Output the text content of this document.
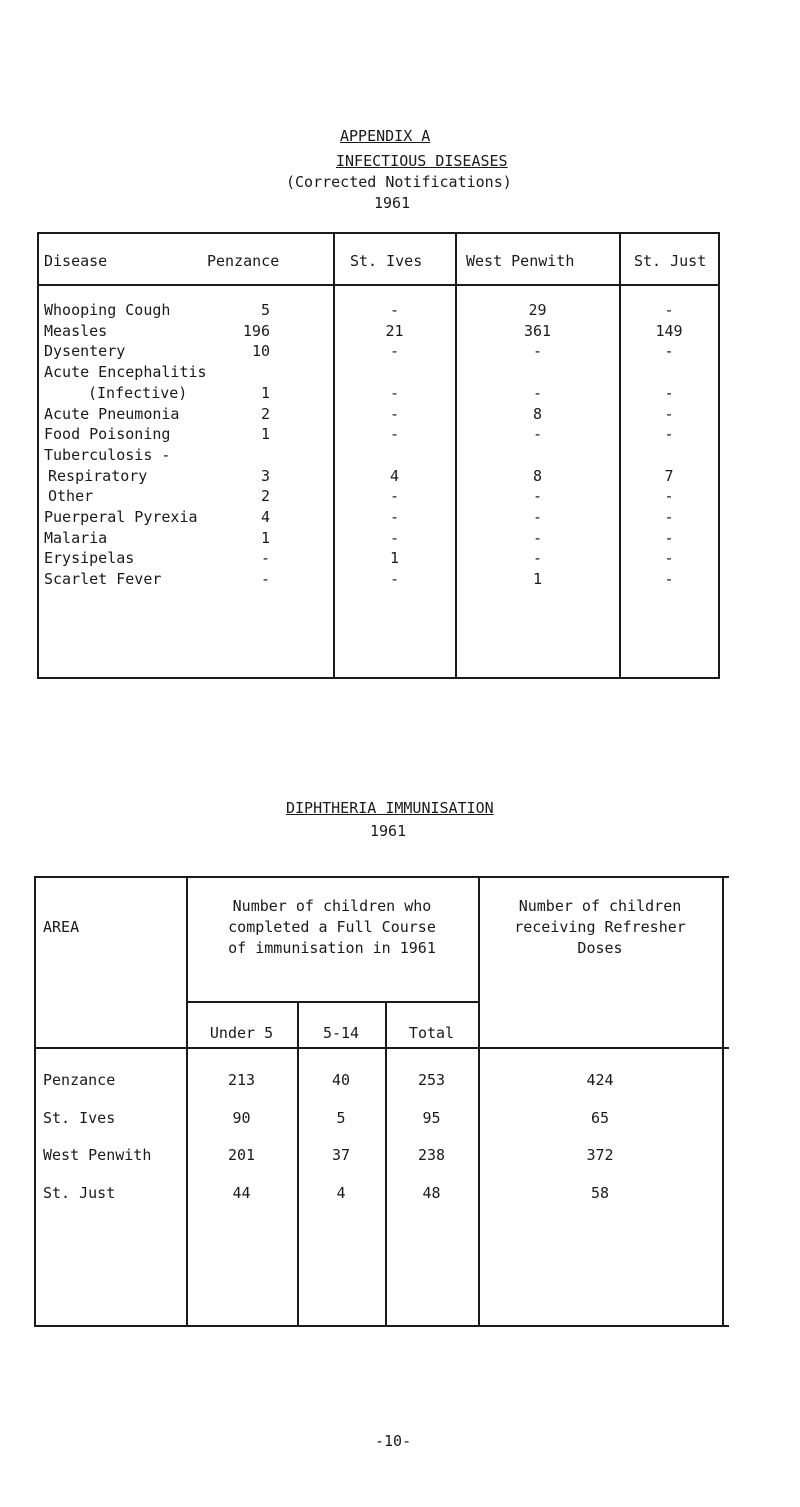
APPENDIX A
INFECTIOUS DISEASES
(Corrected Notifications)
1961
Disease	Penzance	St. Ives	West Penwith	St. Just
Whooping Cough	5	-	29	-
Measles	196	21	361	149
Dysentery	10	-	-	-
Acute Encephalitis
(Infective)	1	-	-	-
Acute Pneumonia	2	-	8	-
Food Poisoning	1	-	-	-
Tuberculosis -
Respiratory	3	4	8	7
Other	2	-	-	-
Puerperal Pyrexia	4	-	-	-
Malaria	1	-	-	-
Erysipelas	-	1	-	-
Scarlet Fever	-	-	1	-
DIPHTHERIA IMMUNISATION
1961
AREA
Number of children who
completed a Full Course
of immunisation in 1961
Number of children
receiving Refresher
Doses
Under 5	5-14	Total
Penzance	213	40	253	424
St. Ives	90	5	95	65
West Penwith	201	37	238	372
St. Just	44	4	48	58
-10-
